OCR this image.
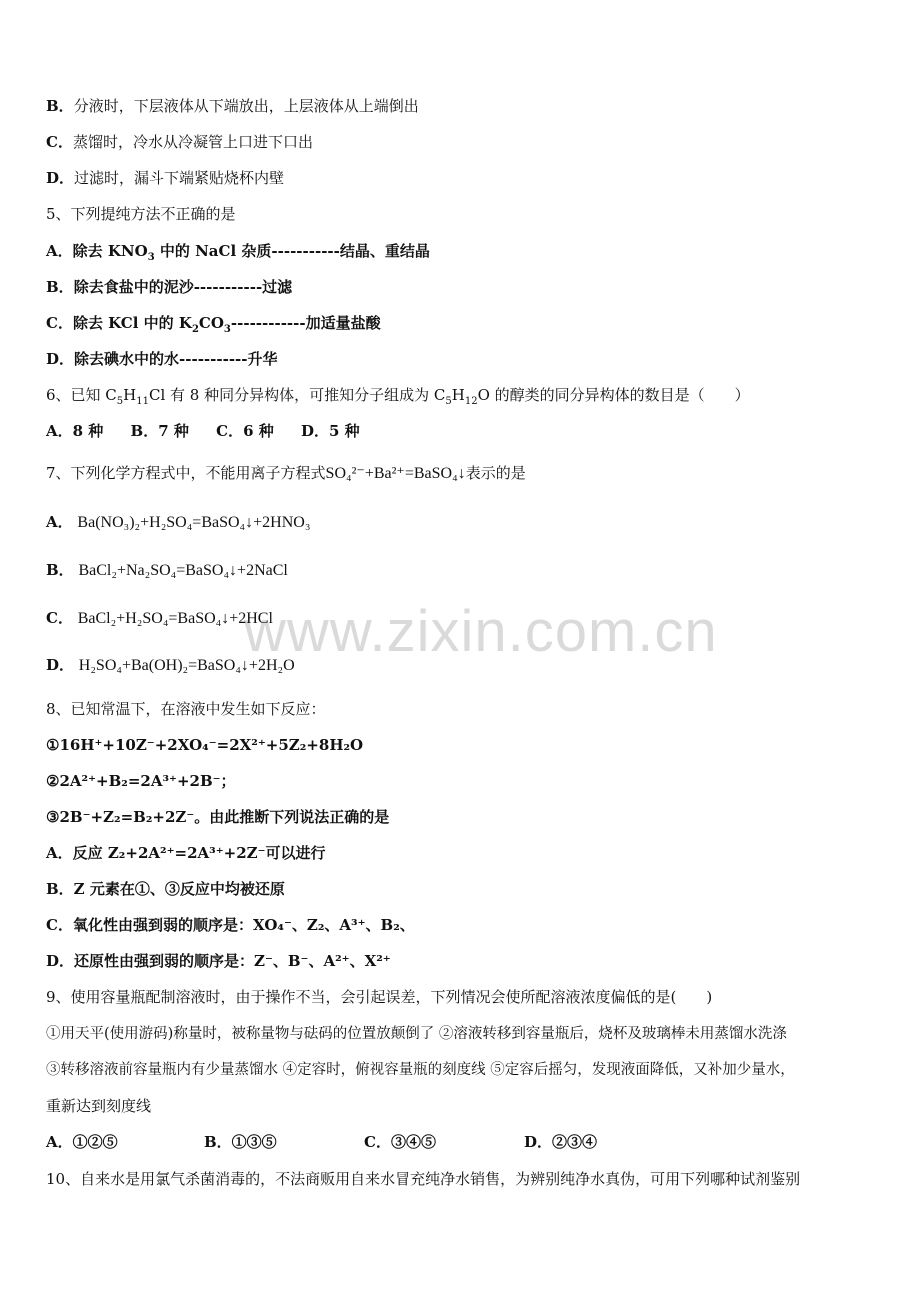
www.zixin.com.cn
B．分液时，下层液体从下端放出，上层液体从上端倒出
C．蒸馏时，冷水从冷凝管上口进下口出
D．过滤时，漏斗下端紧贴烧杯内壁
5、下列提纯方法不正确的是
A．除去 $KNO_3$ 中的 NaCl 杂质-----------结晶、重结晶
B．除去食盐中的泥沙-----------过滤
C．除去 KCl 中的 $K_2CO_3------------$加适量盐酸
D．除去碘水中的水-----------升华
6、已知 $C_5H_{11}Cl$ 有 8 种同分异构体，可推知分子组成为 $C_5H_{12}O$ 的醇类的同分异构体的数目是（　　）
A．8 种 B．7 种 C．6 种 D．5 种
7、下列化学方程式中，不能用离子方程式SO₄²⁻+Ba²⁺=BaSO₄↓表示的是
A． Ba(NO₃)₂+H₂SO₄=BaSO₄↓+2HNO₃
B． BaCl₂+Na₂SO₄=BaSO₄↓+2NaCl
C． BaCl₂+H₂SO₄=BaSO₄↓+2HCl
D． H₂SO₄+Ba(OH)₂=BaSO₄↓+2H₂O
8、已知常温下，在溶液中发生如下反应：
①16H⁺+10Z⁻+2XO₄⁻=2X²⁺+5Z₂+8H₂O
②2A²⁺+B₂=2A³⁺+2B⁻；
③2B⁻+Z₂=B₂+2Z⁻。由此推断下列说法正确的是
A．反应 Z₂+2A²⁺=2A³⁺+2Z⁻可以进行
B．Z 元素在①、③反应中均被还原
C．氧化性由强到弱的顺序是：XO₄⁻、Z₂、A³⁺、B₂、
D．还原性由强到弱的顺序是：Z⁻、B⁻、A²⁺、X²⁺
9、使用容量瓶配制溶液时，由于操作不当，会引起误差，下列情况会使所配溶液浓度偏低的是(　　)
①用天平(使用游码)称量时，被称量物与砝码的位置放颠倒了 ②溶液转移到容量瓶后，烧杯及玻璃棒未用蒸馏水洗涤
③转移溶液前容量瓶内有少量蒸馏水 ④定容时，俯视容量瓶的刻度线 ⑤定容后摇匀，发现液面降低，又补加少量水，
重新达到刻度线
A．①②⑤	B．①③⑤	C．③④⑤	D．②③④
10、自来水是用氯气杀菌消毒的，不法商贩用自来水冒充纯净水销售，为辨别纯净水真伪，可用下列哪种试剂鉴别
